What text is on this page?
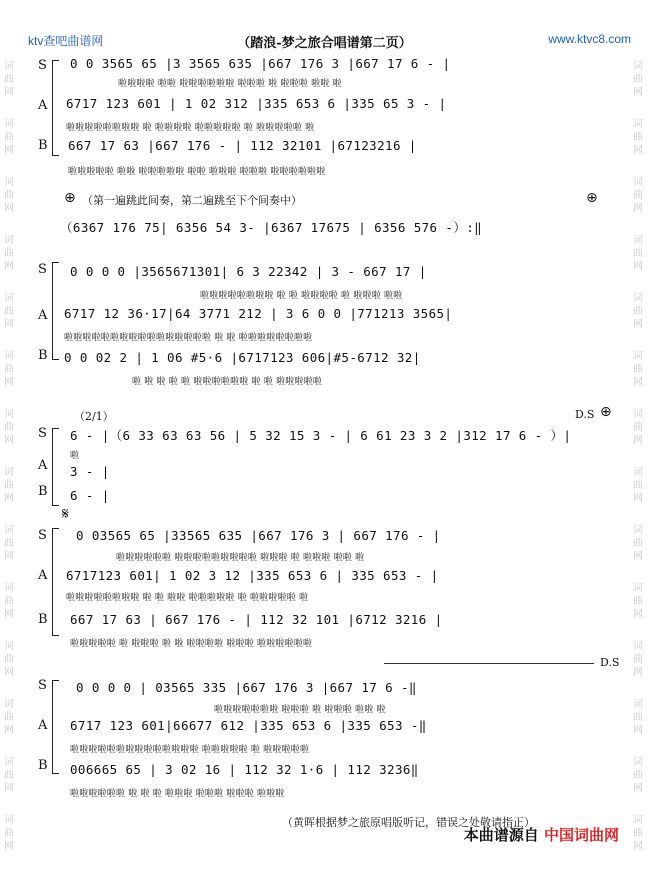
ktv查吧曲谱网	（踏浪-梦之旅合唱谱第二页）	www.ktvc8.com
S
A
B
0 0 3565 65 |3 3565 635 |667 176 3 |667 17 6 - |
啦啦啦啦 啦啦 啦啦啦啦啦啦 啦啦啦 啦 啦啦啦 啦啦 啦
6717 123 601 | 1 02 312 |335 653 6 |335 65 3 - |
啦啦啦啦啦啦啦啦 啦 啦啦啦啦 啦啦啦啦啦 啦 啦啦啦啦啦 啦
667 17 63 |667 176 - | 112 32101 |67123216 |
啦啦啦啦啦 啦啦 啦啦啦啦啦 啦啦 啦啦啦 啦啦啦 啦啦啦啦啦啦
⊕ （第一遍跳此间奏，第二遍跳至下个间奏中）	⊕
（6367 176 75| 6356 54 3- |6367 17675 | 6356 576 -）:‖
S
A
B
0 0 0 0 |3565671301| 6 3 22342 | 3 - 667 17 |
啦啦啦啦啦啦啦啦 啦 啦 啦啦啦啦 啦 啦啦啦 啦啦
6717 12 36·17|64 3771 212 | 3 6 0 0 |771213 3565|
啦啦啦啦啦啦啦啦啦啦啦啦啦啦啦啦 啦 啦 啦啦啦啦啦啦啦啦
0 0 02 2 | 1 06 #5·6 |6717123 606|#5-6712 32|
啦 啦 啦 啦 啦 啦啦啦啦啦啦 啦 啦 啦啦啦啦啦
（2/1）	D.S ⊕
S
A
B
6 - |（6 33 63 63 56 | 5 32 15 3 - | 6 61 23 3 2 |312 17 6 - ）|
啦
3 - |
6 - |
𝄋
S
A
B
0 03565 65 |33565 635 |667 176 3 | 667 176 - |
啦啦啦啦啦啦 啦啦啦啦啦啦啦啦啦 啦啦啦 啦 啦啦啦 啦啦 啦
6717123 601| 1 02 3 12 |335 653 6 | 335 653 - |
啦啦啦啦啦啦啦啦 啦 啦 啦啦 啦啦啦啦啦 啦 啦啦啦啦啦 啦
667 17 63 | 667 176 - | 112 32 101 |6712 3216 |
啦啦啦啦啦 啦 啦啦啦 啦 啦 啦啦啦啦 啦啦啦 啦啦啦啦啦啦
D.S
S
A
B
0 0 0 0 | 03565 335 |667 176 3 |667 17 6 -‖
啦啦啦啦啦啦啦 啦啦啦 啦 啦啦啦 啦啦 啦
6717 123 601|66677 612 |335 653 6 |335 653 -‖
啦啦啦啦啦啦啦啦啦啦啦啦啦啦 啦啦啦啦啦 啦 啦啦啦啦啦
006665 65 | 3 02 16 | 112 32 1·6 | 112 3236‖
啦啦啦啦啦啦 啦 啦 啦 啦啦啦 啦啦啦 啦啦啦 啦啦啦
（黄晖根据梦之旅原唱版听记，错误之处敬请指正）
本曲谱源自 中国词曲网
词
曲
网
词
曲
网
词
曲
网
词
曲
网
词
曲
网
词
曲
网
词
曲
网
词
曲
网
词
曲
网
词
曲
网
词
曲
网
词
曲
网
词
曲
网
词
曲
网
词
曲
网
词
曲
网
词
曲
网
词
曲
网
词
曲
网
词
曲
网
词
曲
网
词
曲
网
词
曲
网
词
曲
网
词
曲
网
词
曲
网
词
曲
网
词
曲
网
